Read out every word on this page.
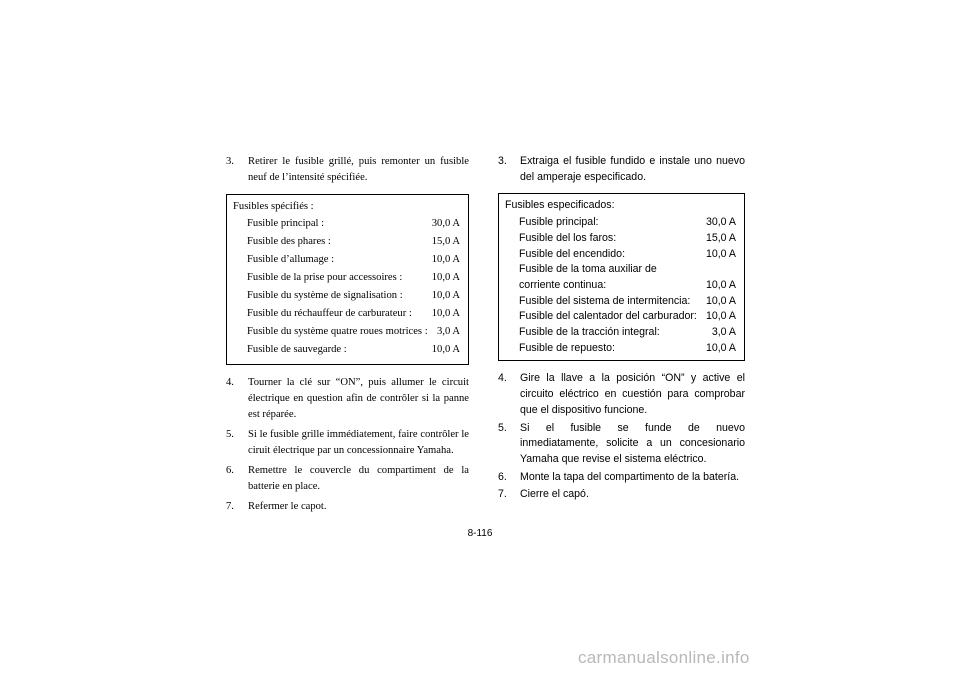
3. Retirer le fusible grillé, puis remonter un fusible neuf de l’intensité spécifiée.
Fusibles spécifiés :
Fusible principal :	30,0 A
Fusible des phares :	15,0 A
Fusible d’allumage :	10,0 A
Fusible de la prise pour accessoires :	10,0 A
Fusible du système de signalisation :	10,0 A
Fusible du réchauffeur de carburateur :	10,0 A
Fusible du système quatre roues motrices : 3,0 A
Fusible de sauvegarde :	10,0 A
4. Tourner la clé sur “ON”, puis allumer le circuit électrique en question afin de contrôler si la panne est réparée.
5. Si le fusible grille immédiatement, faire contrôler le ciruit électrique par un concessionnaire Yamaha.
6. Remettre le couvercle du compartiment de la batterie en place.
7. Refermer le capot.
3. Extraiga el fusible fundido e instale uno nuevo del amperaje especificado.
Fusibles especificados:
Fusible principal:	30,0 A
Fusible del los faros:	15,0 A
Fusible del encendido:	10,0 A
Fusible de la toma auxiliar de corriente continua:	10,0 A
Fusible del sistema de intermitencia:	10,0 A
Fusible del calentador del carburador: 10,0 A
Fusible de la tracción integral:	3,0 A
Fusible de repuesto:	10,0 A
4. Gire la llave a la posición “ON” y active el circuito eléctrico en cuestión para comprobar que el dispositivo funcione.
5. Si el fusible se funde de nuevo inmediatamente, solicite a un concesionario Yamaha que revise el sistema eléctrico.
6. Monte la tapa del compartimento de la batería.
7. Cierre el capó.
8-116
carmanualsonline.info
